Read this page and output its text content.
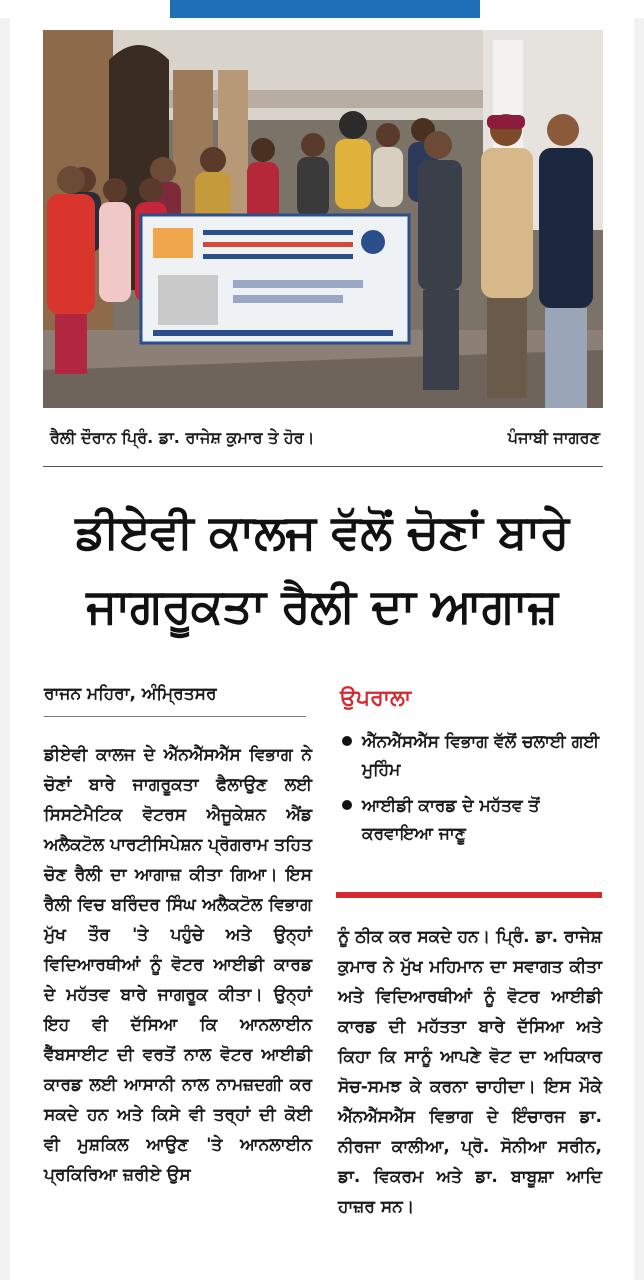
ਰੈਲੀ ਦੌਰਾਨ ਪ੍ਰਿੰ. ਡਾ. ਰਾਜੇਸ਼ ਕੁਮਾਰ ਤੇ ਹੋਰ।	ਪੰਜਾਬੀ ਜਾਗਰਣ
ਡੀਏਵੀ ਕਾਲਜ ਵੱਲੋਂ ਚੋਣਾਂ ਬਾਰੇ
ਜਾਗਰੂਕਤਾ ਰੈਲੀ ਦਾ ਆਗਾਜ਼
ਰਾਜਨ ਮਹਿਰਾ, ਅੰਮ੍ਰਿਤਸਰ	ਉਪਰਾਲਾ
ਐੱਨਐੱਸਐੱਸ ਵਿਭਾਗ ਵੱਲੋਂ ਚਲਾਈ ਗਈ ਮੁਹਿੰਮ
ਆਈਡੀ ਕਾਰਡ ਦੇ ਮਹੱਤਵ ਤੋਂ ਕਰਵਾਇਆ ਜਾਣੂ
ਡੀਏਵੀ ਕਾਲਜ ਦੇ ਐੱਨਐੱਸਐੱਸ ਵਿਭਾਗ ਨੇ ਚੋਣਾਂ ਬਾਰੇ ਜਾਗਰੂਕਤਾ ਫੈਲਾਉਣ ਲਈ ਸਿਸਟੇਮੈਟਿਕ ਵੋਟਰਸ ਐਜੂਕੇਸ਼ਨ ਐਂਡ ਅਲੈਕਟੋਲ ਪਾਰਟੀਸਿਪੇਸ਼ਨ ਪ੍ਰੋਗਰਾਮ ਤਹਿਤ ਚੋਣ ਰੈਲੀ ਦਾ ਆਗਾਜ਼ ਕੀਤਾ ਗਿਆ। ਇਸ ਰੈਲੀ ਵਿਚ ਬਰਿੰਦਰ ਸਿੰਘ ਅਲੈਕਟੋਲ ਵਿਭਾਗ ਮੁੱਖ ਤੌਰ 'ਤੇ ਪਹੁੰਚੇ ਅਤੇ ਉਨ੍ਹਾਂ ਵਿਦਿਆਰਥੀਆਂ ਨੂੰ ਵੋਟਰ ਆਈਡੀ ਕਾਰਡ ਦੇ ਮਹੱਤਵ ਬਾਰੇ ਜਾਗਰੂਕ ਕੀਤਾ। ਉਨ੍ਹਾਂ ਇਹ ਵੀ ਦੱਸਿਆ ਕਿ ਆਨਲਾਈਨ ਵੈੱਬਸਾਈਟ ਦੀ ਵਰਤੋਂ ਨਾਲ ਵੋਟਰ ਆਈਡੀ ਕਾਰਡ ਲਈ ਆਸਾਨੀ ਨਾਲ ਨਾਮਜ਼ਦਗੀ ਕਰ ਸਕਦੇ ਹਨ ਅਤੇ ਕਿਸੇ ਵੀ ਤਰ੍ਹਾਂ ਦੀ ਕੋਈ ਵੀ ਮੁਸ਼ਕਿਲ ਆਉਣ 'ਤੇ ਆਨਲਾਈਨ ਪ੍ਰਕਿਰਿਆ ਜ਼ਰੀਏ ਉਸ
ਨੂੰ ਠੀਕ ਕਰ ਸਕਦੇ ਹਨ। ਪ੍ਰਿੰ. ਡਾ. ਰਾਜੇਸ਼ ਕੁਮਾਰ ਨੇ ਮੁੱਖ ਮਹਿਮਾਨ ਦਾ ਸਵਾਗਤ ਕੀਤਾ ਅਤੇ ਵਿਦਿਆਰਥੀਆਂ ਨੂੰ ਵੋਟਰ ਆਈਡੀ ਕਾਰਡ ਦੀ ਮਹੱਤਤਾ ਬਾਰੇ ਦੱਸਿਆ ਅਤੇ ਕਿਹਾ ਕਿ ਸਾਨੂੰ ਆਪਣੇ ਵੋਟ ਦਾ ਅਧਿਕਾਰ ਸੋਚ-ਸਮਝ ਕੇ ਕਰਨਾ ਚਾਹੀਦਾ। ਇਸ ਮੌਕੇ ਐੱਨਐੱਸਐੱਸ ਵਿਭਾਗ ਦੇ ਇੰਚਾਰਜ ਡਾ. ਨੀਰਜਾ ਕਾਲੀਆ, ਪ੍ਰੋ. ਸੋਨੀਆ ਸਰੀਨ, ਡਾ. ਵਿਕਰਮ ਅਤੇ ਡਾ. ਬਾਬੂਸ਼ਾ ਆਦਿ ਹਾਜ਼ਰ ਸਨ।
